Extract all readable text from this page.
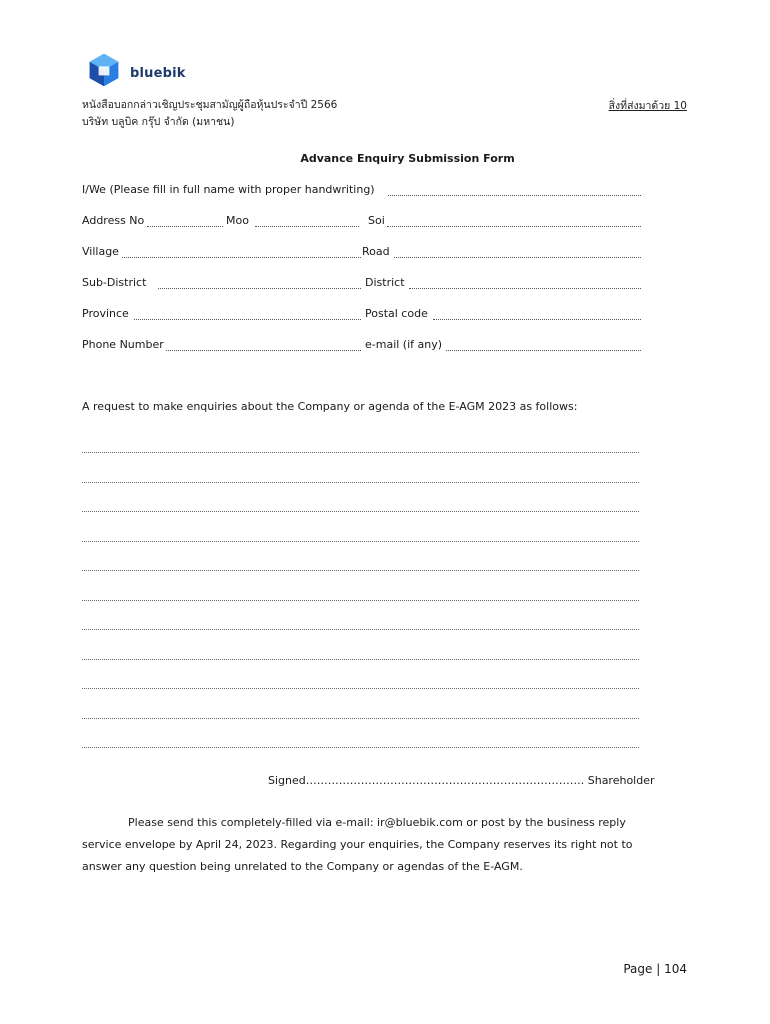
bluebik
หนังสือบอกกล่าวเชิญประชุมสามัญผู้ถือหุ้นประจำปี 2566
บริษัท บลูบิค กรุ๊ป จำกัด (มหาชน)
สิ่งที่ส่งมาด้วย 10
Advance Enquiry Submission Form
I/We (Please fill in full name with proper handwriting)
Address No	Moo	Soi
Village	Road
Sub-District	District
Province	Postal code
Phone Number	e-mail (if any)
A request to make enquiries about the Company or agenda of the E-AGM 2023 as follows:
Signed…………………………………………………………………. Shareholder
Please send this completely-filled via e-mail: ir@bluebik.com or post by the business reply service envelope by April 24, 2023. Regarding your enquiries, the Company reserves its right not to answer any question being unrelated to the Company or agendas of the E-AGM.
Page | 104
